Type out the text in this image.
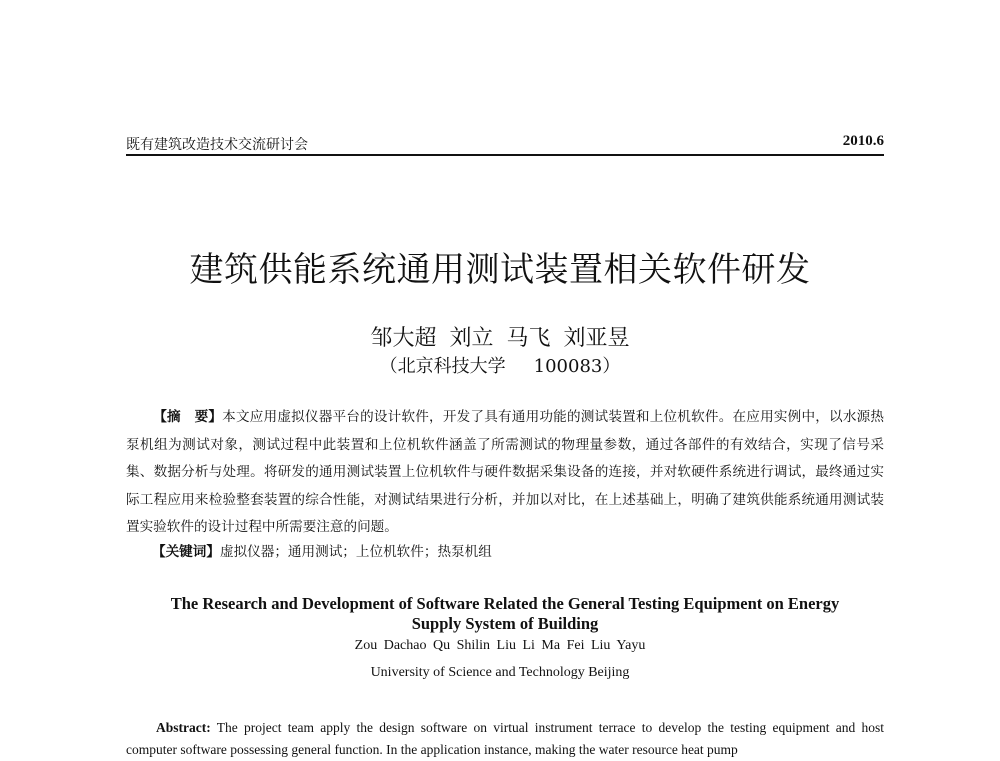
既有建筑改造技术交流研讨会	2010.6
建筑供能系统通用测试装置相关软件研发
邹大超 刘立 马飞 刘亚昱
（北京科技大学 100083）
【摘　要】本文应用虚拟仪器平台的设计软件，开发了具有通用功能的测试装置和上位机软件。在应用实例中，以水源热泵机组为测试对象，测试过程中此装置和上位机软件涵盖了所需测试的物理量参数，通过各部件的有效结合，实现了信号采集、数据分析与处理。将研发的通用测试装置上位机软件与硬件数据采集设备的连接，并对软硬件系统进行调试，最终通过实际工程应用来检验整套装置的综合性能，对测试结果进行分析，并加以对比，在上述基础上，明确了建筑供能系统通用测试装置实验软件的设计过程中所需要注意的问题。
【关键词】虚拟仪器；通用测试；上位机软件；热泵机组
The Research and Development of Software Related the General Testing Equipment on Energy
Supply System of Building
Zou Dachao Qu Shilin Liu Li Ma Fei Liu Yayu
University of Science and Technology Beijing
Abstract: The project team apply the design software on virtual instrument terrace to develop the testing equipment and host computer software possessing general function. In the application instance, making the water resource heat pump
